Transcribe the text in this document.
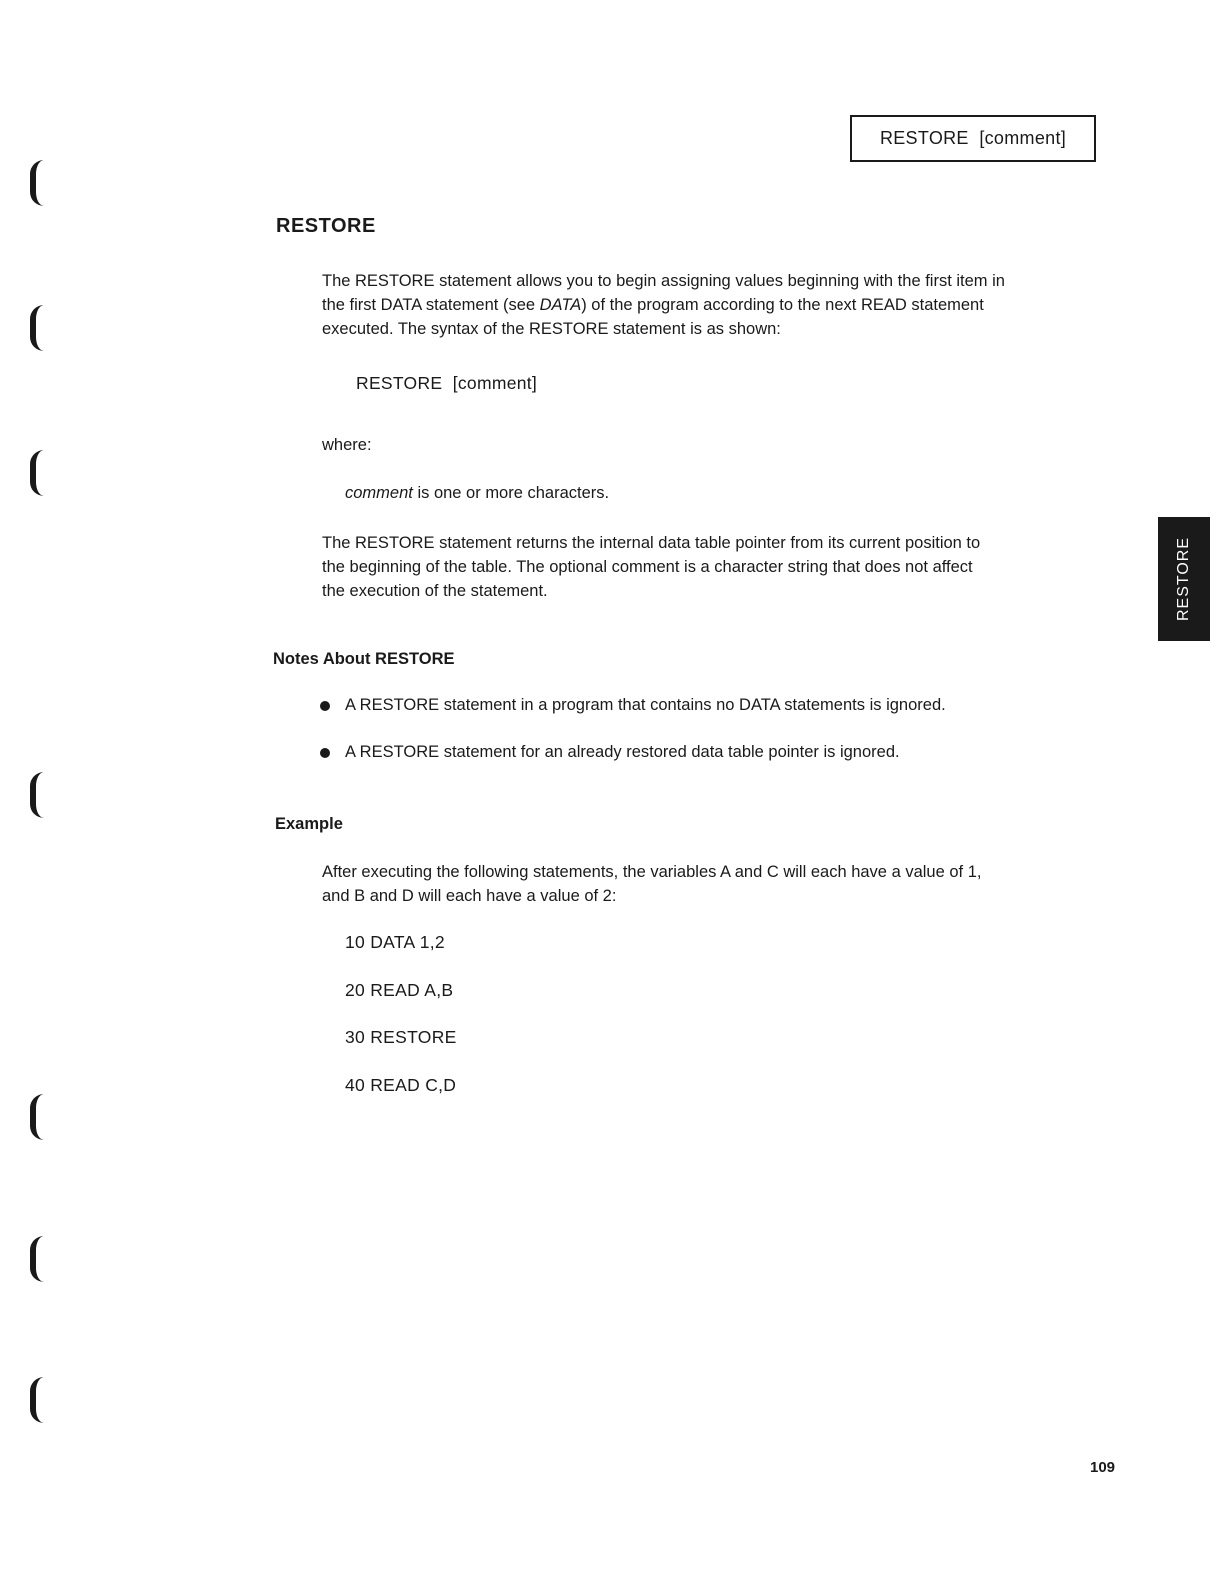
RESTORE  [comment]
RESTORE
The RESTORE statement allows you to begin assigning values beginning with the first item in the first DATA statement (see DATA) of the program according to the next READ statement executed. The syntax of the RESTORE statement is as shown:
RESTORE  [comment]
where:
comment is one or more characters.
The RESTORE statement returns the internal data table pointer from its current position to the beginning of the table. The optional comment is a character string that does not affect the execution of the statement.
Notes About RESTORE
A RESTORE statement in a program that contains no DATA statements is ignored.
A RESTORE statement for an already restored data table pointer is ignored.
Example
After executing the following statements, the variables A and C will each have a value of 1, and B and D will each have a value of 2:
10 DATA 1,2
20 READ A,B
30 RESTORE
40 READ C,D
RESTORE
109
